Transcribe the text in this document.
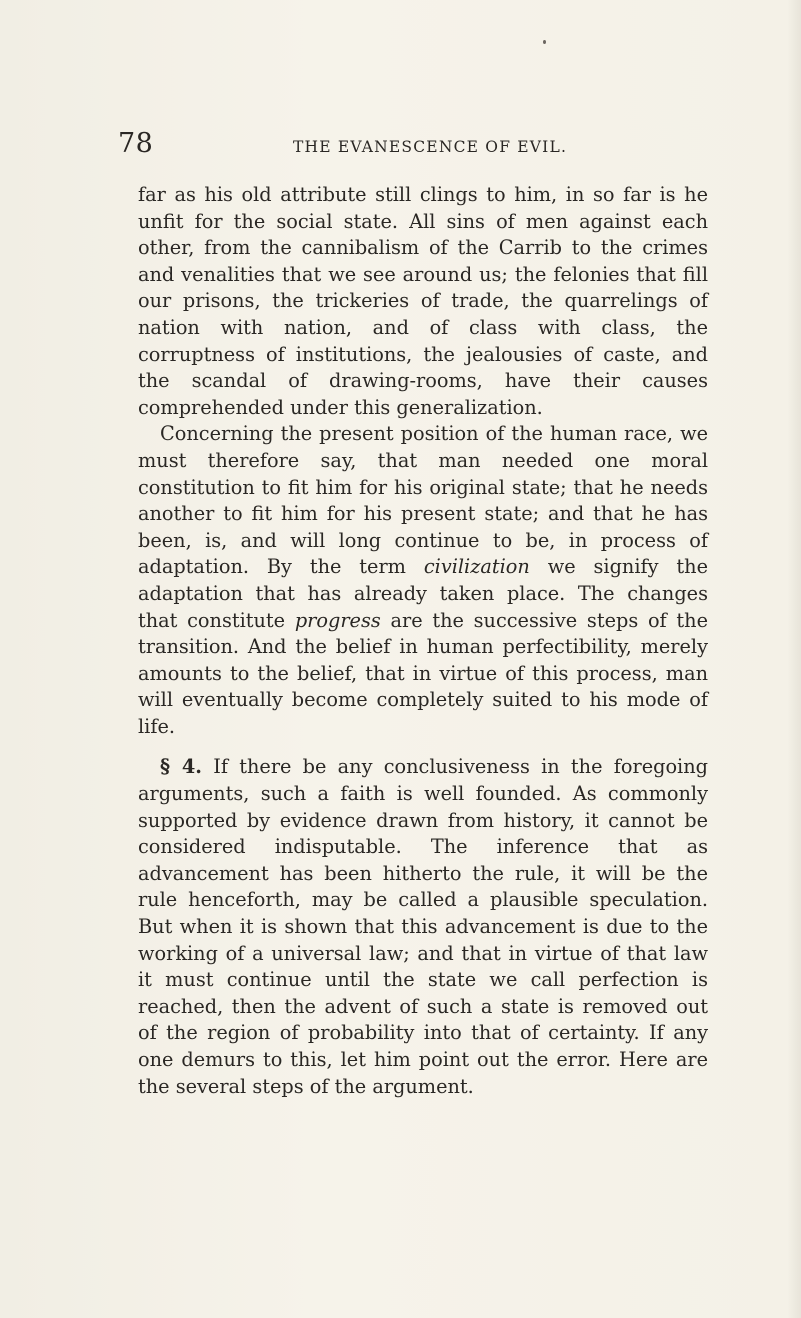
78	THE EVANESCENCE OF EVIL.

far as his old attribute still clings to him, in so far is he unfit for the social state. All sins of men against each other, from the cannibalism of the Carrib to the crimes and venalities that we see around us; the felonies that fill our prisons, the trickeries of trade, the quarrelings of nation with nation, and of class with class, the corruptness of institutions, the jealousies of caste, and the scandal of drawing-rooms, have their causes comprehended under this generalization.

Concerning the present position of the human race, we must therefore say, that man needed one moral constitution to fit him for his original state; that he needs another to fit him for his present state; and that he has been, is, and will long continue to be, in process of adaptation. By the term civilization we signify the adaptation that has already taken place. The changes that constitute progress are the successive steps of the transition. And the belief in human perfectibility, merely amounts to the belief, that in virtue of this process, man will eventually become completely suited to his mode of life.

§ 4. If there be any conclusiveness in the foregoing arguments, such a faith is well founded. As commonly supported by evidence drawn from history, it cannot be considered indisputable. The inference that as advancement has been hitherto the rule, it will be the rule henceforth, may be called a plausible speculation. But when it is shown that this advancement is due to the working of a universal law; and that in virtue of that law it must continue until the state we call perfection is reached, then the advent of such a state is removed out of the region of probability into that of certainty. If any one demurs to this, let him point out the error. Here are the several steps of the argument.
